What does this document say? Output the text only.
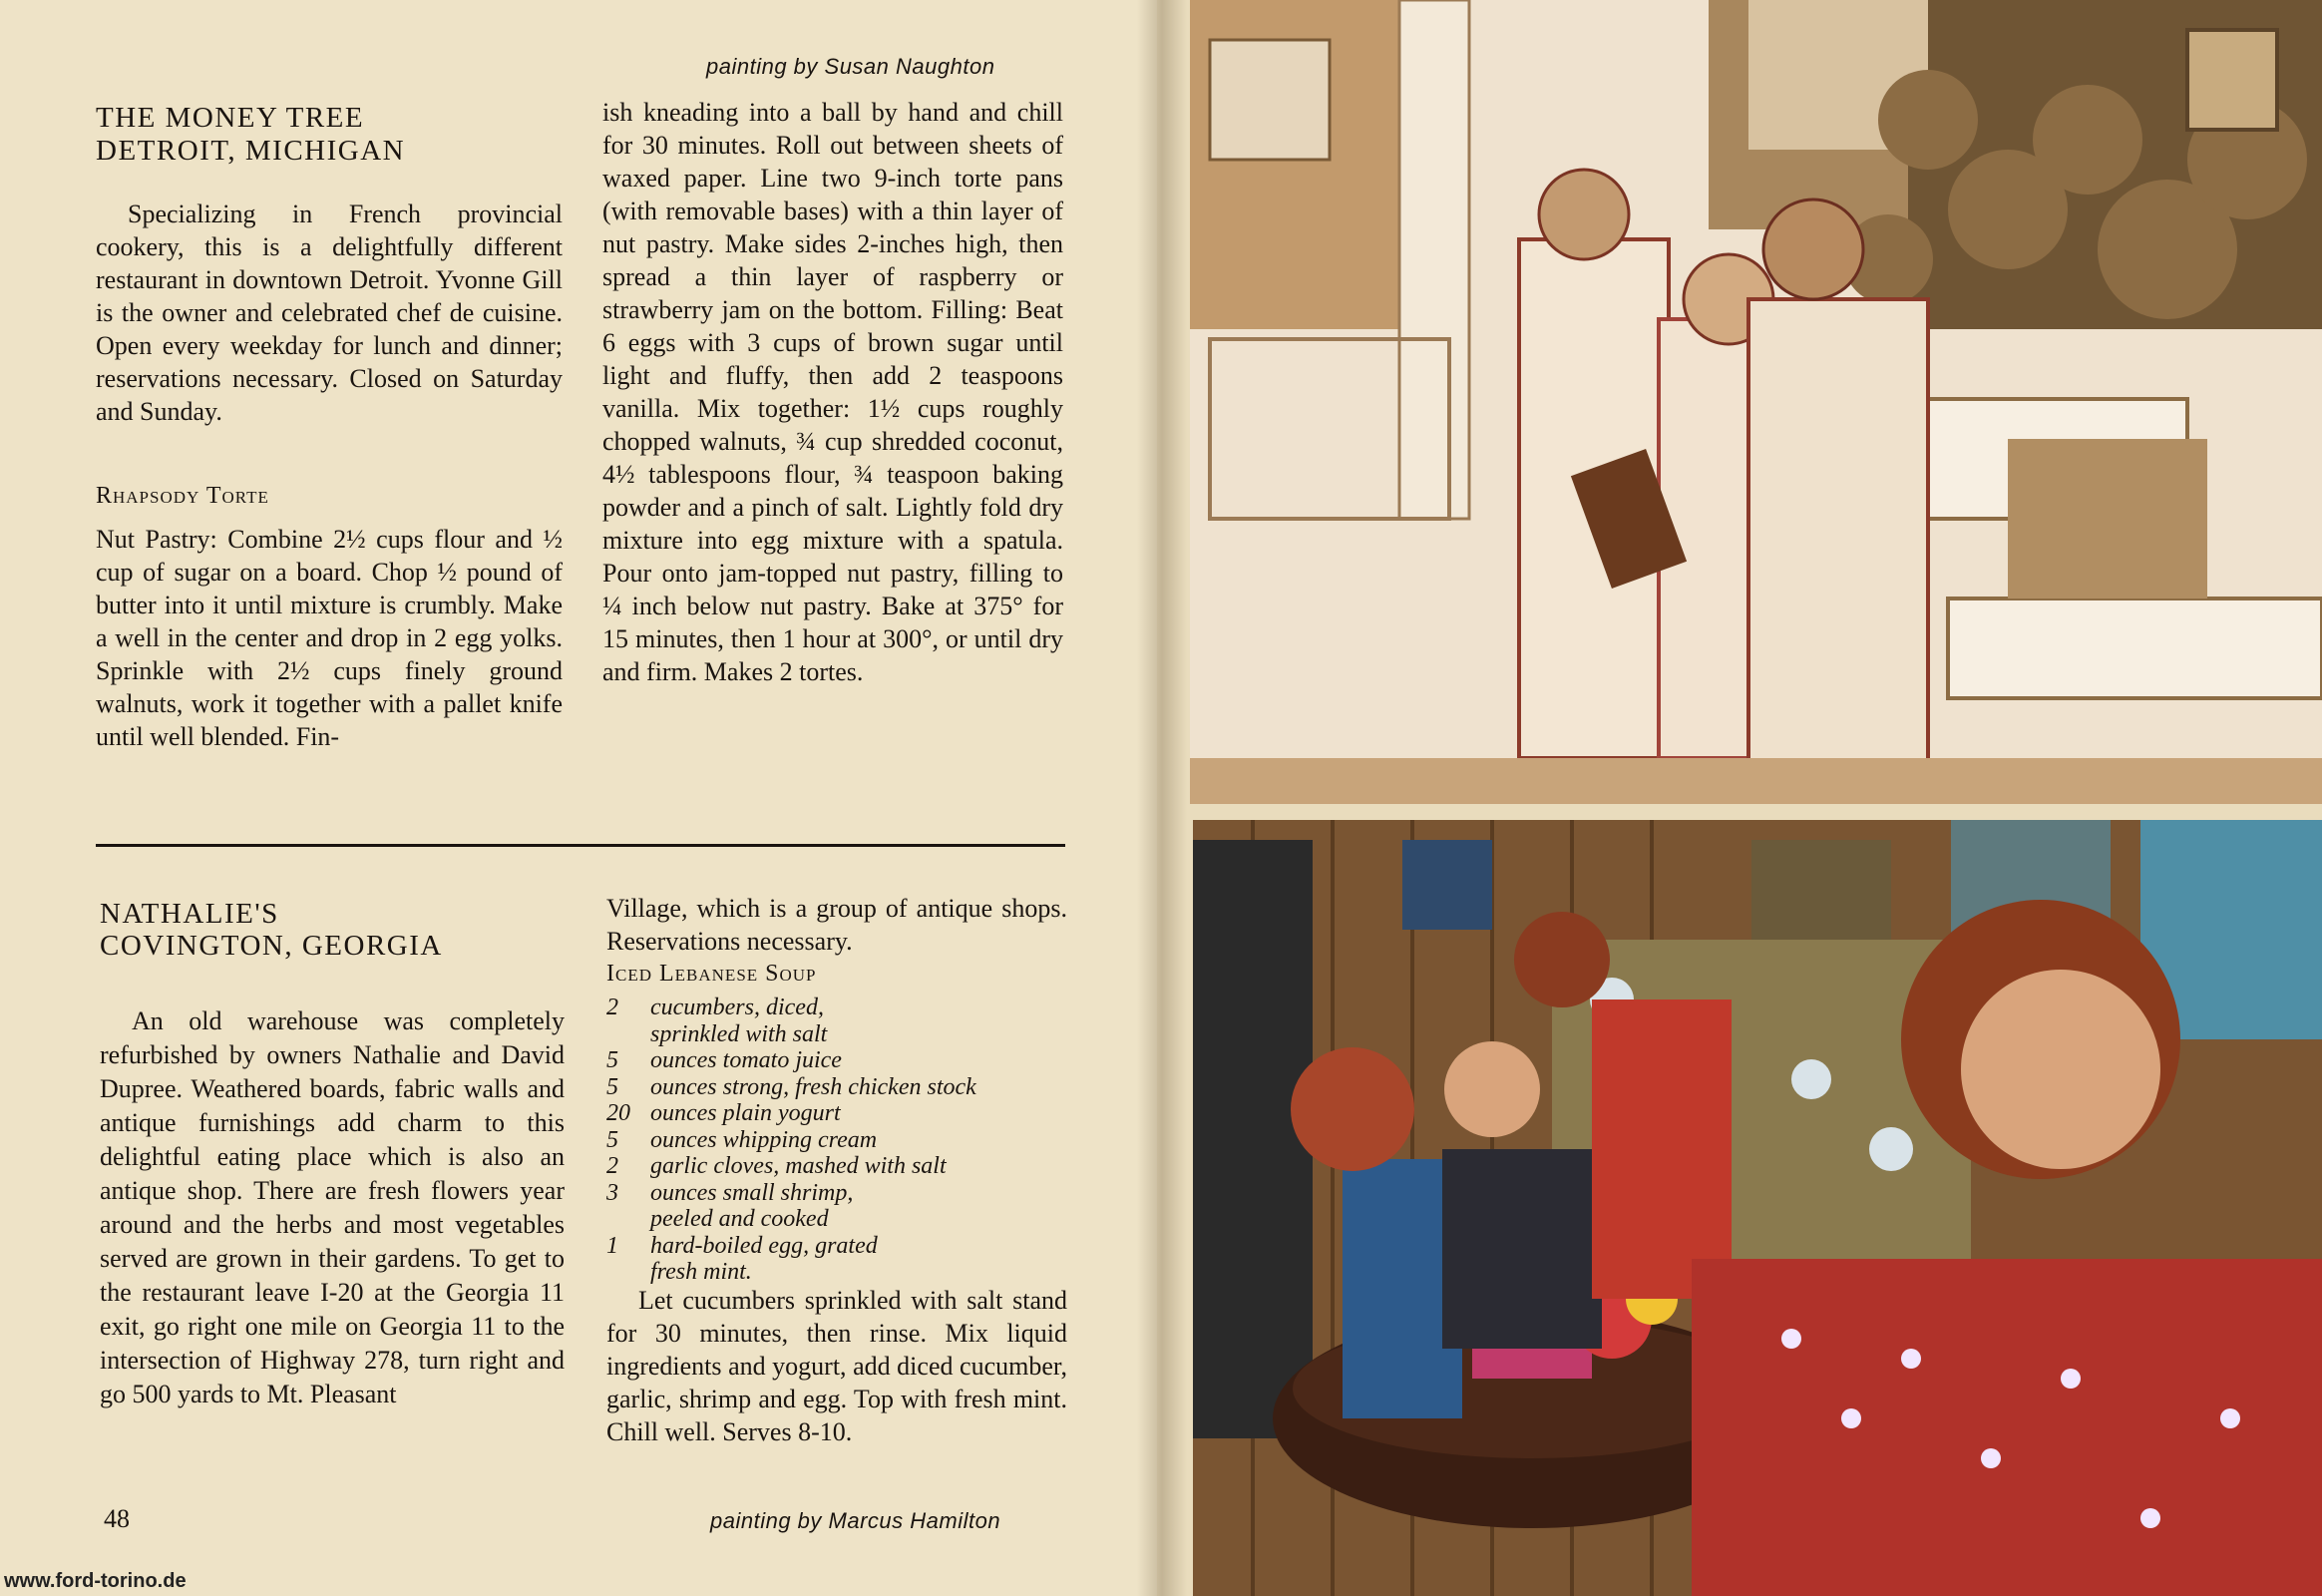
painting by Susan Naughton
THE MONEY TREE
DETROIT, MICHIGAN

Specializing in French provincial cookery, this is a delightfully different restaurant in downtown Detroit. Yvonne Gill is the owner and celebrated chef de cuisine. Open every weekday for lunch and dinner; reservations necessary. Closed on Saturday and Sunday.

Rhapsody Torte

Nut Pastry: Combine 2½ cups flour and ½ cup of sugar on a board. Chop ½ pound of butter into it until mixture is crumbly. Make a well in the center and drop in 2 egg yolks. Sprinkle with 2½ cups finely ground walnuts, work it together with a pallet knife until well blended. Fin-

ish kneading into a ball by hand and chill for 30 minutes. Roll out between sheets of waxed paper. Line two 9-inch torte pans (with removable bases) with a thin layer of nut pastry. Make sides 2-inches high, then spread a thin layer of raspberry or strawberry jam on the bottom. Filling: Beat 6 eggs with 3 cups of brown sugar until light and fluffy, then add 2 teaspoons vanilla. Mix together: 1½ cups roughly chopped walnuts, ¾ cup shredded coconut, 4½ tablespoons flour, ¾ teaspoon baking powder and a pinch of salt. Lightly fold dry mixture into egg mixture with a spatula. Pour onto jam-topped nut pastry, filling to ¼ inch below nut pastry. Bake at 375° for 15 minutes, then 1 hour at 300°, or until dry and firm. Makes 2 tortes.

NATHALIE'S
COVINGTON, GEORGIA

An old warehouse was completely refurbished by owners Nathalie and David Dupree. Weathered boards, fabric walls and antique furnishings add charm to this delightful eating place which is also an antique shop. There are fresh flowers year around and the herbs and most vegetables served are grown in their gardens. To get to the restaurant leave I-20 at the Georgia 11 exit, go right one mile on Georgia 11 to the intersection of Highway 278, turn right and go 500 yards to Mt. Pleasant

Village, which is a group of antique shops. Reservations necessary.

Iced Lebanese Soup
2	cucumbers, diced,
sprinkled with salt
5	ounces tomato juice
5	ounces strong, fresh chicken stock
20 ounces plain yogurt
5	ounces whipping cream
2	garlic cloves, mashed with salt
3	ounces small shrimp,
peeled and cooked
1	hard-boiled egg, grated
fresh mint.

Let cucumbers sprinkled with salt stand for 30 minutes, then rinse. Mix liquid ingredients and yogurt, add diced cucumber, garlic, shrimp and egg. Top with fresh mint. Chill well. Serves 8-10.

48	painting by Marcus Hamilton
www.ford-torino.de
